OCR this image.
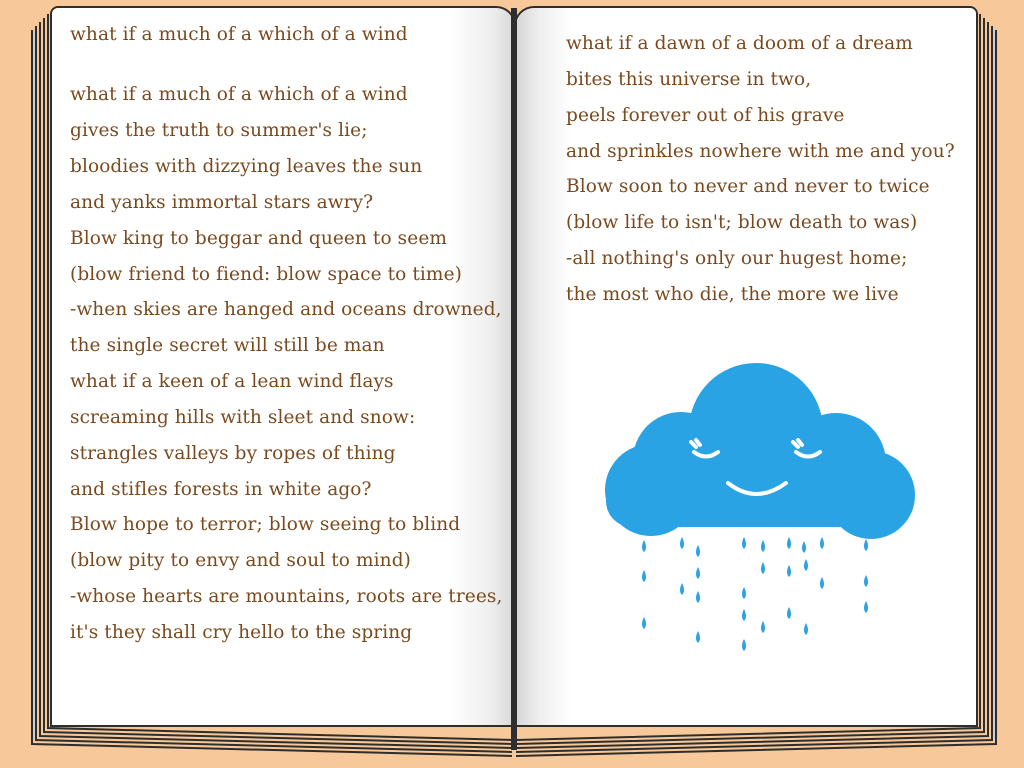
what if a much of a which of a wind

what if a much of a which of a wind

gives the truth to summer's lie;

bloodies with dizzying leaves the sun

and yanks immortal stars awry?

Blow king to beggar and queen to seem

(blow friend to fiend: blow space to time)

-when skies are hanged and oceans drowned,

the single secret will still be man

what if a keen of a lean wind flays

screaming hills with sleet and snow:

strangles valleys by ropes of thing

and stifles forests in white ago?

Blow hope to terror; blow seeing to blind

(blow pity to envy and soul to mind)

-whose hearts are mountains, roots are trees,

it's they shall cry hello to the spring

what if a dawn of a doom of a dream

bites this universe in two,

peels forever out of his grave

and sprinkles nowhere with me and you?

Blow soon to never and never to twice

(blow life to isn't; blow death to was)

-all nothing's only our hugest home;

the most who die, the more we live
